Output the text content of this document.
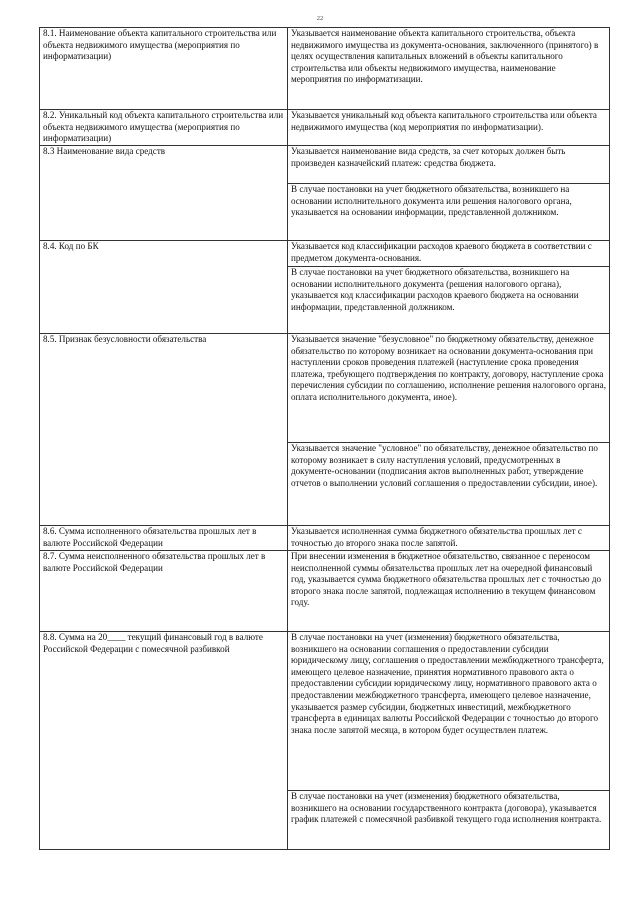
22
8.1. Наименование объекта капитального строительства или объекта недвижимого имущества (мероприятия по информатизации)	Указывается наименование объекта капитального строительства, объекта недвижимого имущества из документа-основания, заключенного (принятого) в целях осуществления капитальных вложений в объекты капитального строительства или объекты недвижимого имущества, наименование мероприятия по информатизации.

8.2. Уникальный код объекта капитального строительства или объекта недвижимого имущества (мероприятия по информатизации)	Указывается уникальный код объекта капитального строительства или объекта недвижимого имущества (код мероприятия по информатизации).

8.3 Наименование вида средств	Указывается наименование вида средств, за счет которых должен быть произведен казначейский платеж: средства бюджета.

	В случае постановки на учет бюджетного обязательства, возникшего на основании исполнительного документа или решения налогового органа, указывается на основании информации, представленной должником.

8.4. Код по БК	Указывается код классификации расходов краевого бюджета в соответствии с предметом документа-основания.

	В случае постановки на учет бюджетного обязательства, возникшего на основании исполнительного документа (решения налогового органа), указывается код классификации расходов краевого бюджета на основании информации, представленной должником.

8.5. Признак безусловности обязательства	Указывается значение "безусловное" по бюджетному обязательству, денежное обязательство по которому возникает на основании документа-основания при наступлении сроков проведения платежей (наступление срока проведения платежа, требующего подтверждения по контракту, договору, наступление срока перечисления субсидии по соглашению, исполнение решения налогового органа, оплата исполнительного документа, иное).

	Указывается значение "условное" по обязательству, денежное обязательство по которому возникает в силу наступления условий, предусмотренных в документе-основании (подписания актов выполненных работ, утверждение отчетов о выполнении условий соглашения о предоставлении субсидии, иное).

8.6. Сумма исполненного обязательства прошлых лет в валюте Российской Федерации	Указывается исполненная сумма бюджетного обязательства прошлых лет с точностью до второго знака после запятой.

8.7. Сумма неисполненного обязательства прошлых лет в валюте Российской Федерации	При внесении изменения в бюджетное обязательство, связанное с переносом неисполненной суммы обязательства прошлых лет на очередной финансовый год, указывается сумма бюджетного обязательства прошлых лет с точностью до второго знака после запятой, подлежащая исполнению в текущем финансовом году.

8.8. Сумма на 20____ текущий финансовый год в валюте Российской Федерации с помесячной разбивкой	В случае постановки на учет (изменения) бюджетного обязательства, возникшего на основании соглашения о предоставлении субсидии юридическому лицу, соглашения о предоставлении межбюджетного трансферта, имеющего целевое назначение, принятия нормативного правового акта о предоставлении субсидии юридическому лицу, нормативного правового акта о предоставлении межбюджетного трансферта, имеющего целевое назначение, указывается размер субсидии, бюджетных инвестиций, межбюджетного трансферта в единицах валюты Российской Федерации с точностью до второго знака после запятой месяца, в котором будет осуществлен платеж.

	В случае постановки на учет (изменения) бюджетного обязательства, возникшего на основании государственного контракта (договора), указывается график платежей с помесячной разбивкой текущего года исполнения контракта.
